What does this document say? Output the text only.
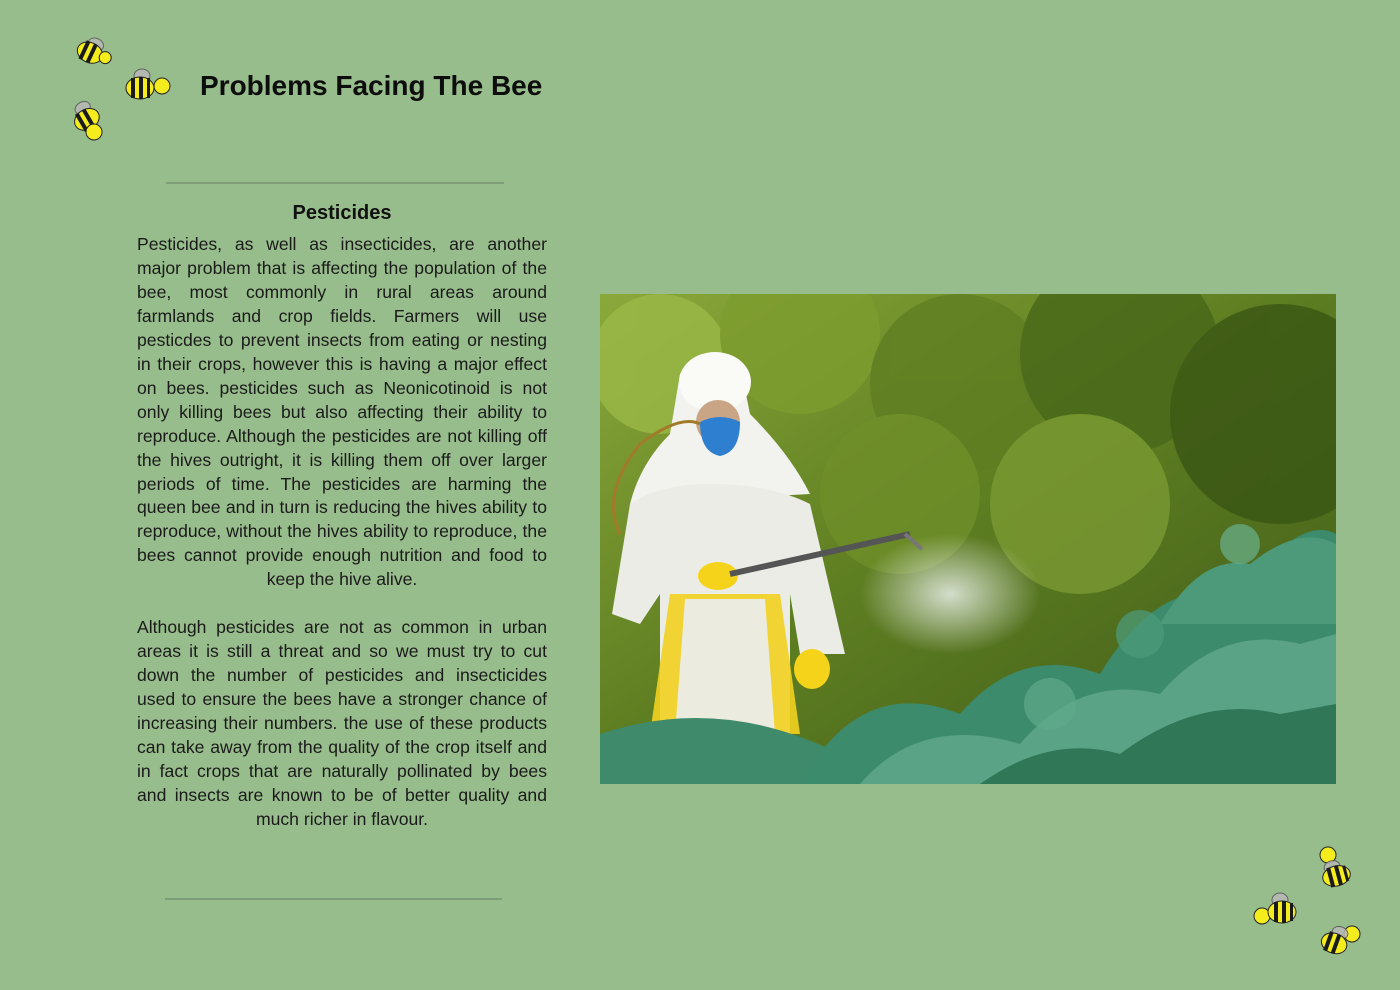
Problems Facing The Bee
Pesticides

Pesticides, as well as insecticides, are another major problem that is affecting the population of the bee, most commonly in rural areas around farmlands and crop fields. Farmers will use pesticdes to prevent insects from eating or nesting in their crops, however this is having a major effect on bees. pesticides such as Neonicotinoid is not only killing bees but also affecting their ability to reproduce. Although the pesticides are not killing off the hives outright, it is killing them off over larger periods of time. The pesticides are harming the queen bee and in turn is reducing the hives ability to reproduce, without the hives ability to reproduce, the bees cannot provide enough nutrition and food to keep the hive alive.

Although pesticides are not as common in urban areas it is still a threat and so we must try to cut down the number of pesticides and insecticides used to ensure the bees have a stronger chance of increasing their numbers. the use of these products can take away from the quality of the crop itself and in fact crops that are naturally pollinated by bees and insects are known to be of better quality and much richer in flavour.
